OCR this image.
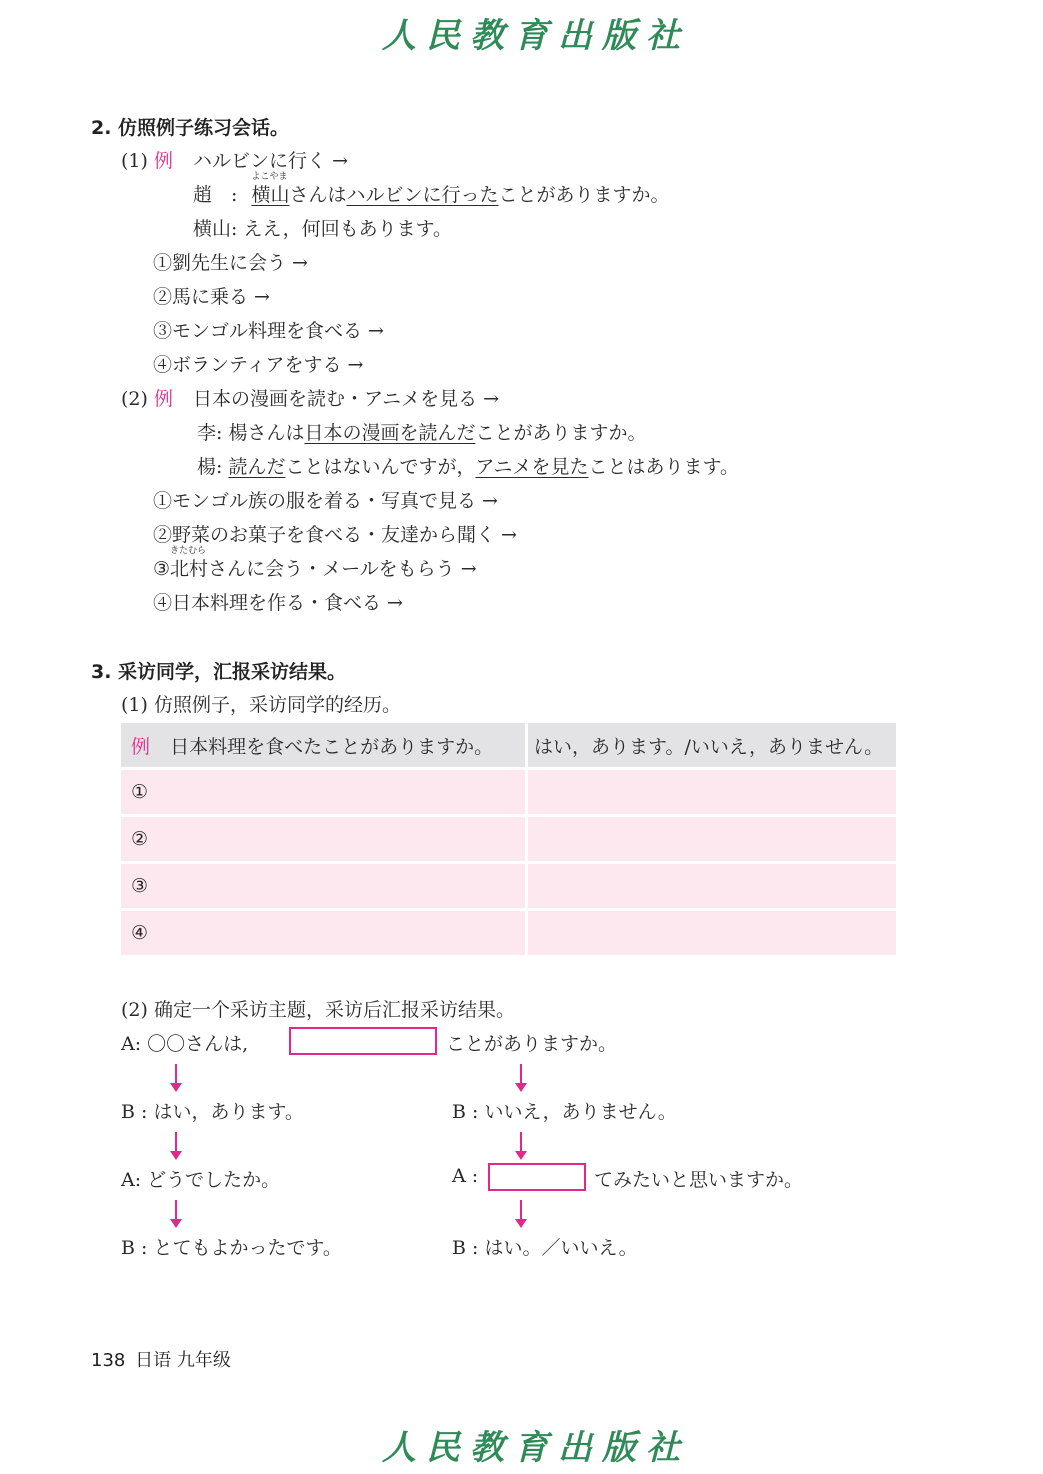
人民教育出版社
2. 仿照例子练习会话。
(1) 例 ハルビンに行く →
趙　:
よこやま
横山さんはハルビンに行ったことがありますか。
横山: ええ，何回もあります。
①劉先生に会う →
②馬に乗る →
③モンゴル料理を食べる →
④ボランティアをする →
(2) 例 日本の漫画を読む・アニメを見る →
李: 楊さんは日本の漫画を読んだことがありますか。
楊: 読んだことはないんですが，アニメを見たことはあります。
①モンゴル族の服を着る・写真で見る →
②野菜のお菓子を食べる・友達から聞く →
③
きたむら
北村さんに会う・メールをもらう →
④日本料理を作る・食べる →
3. 采访同学，汇报采访结果。
(1) 仿照例子，采访同学的经历。
例 日本料理を食べたことがありますか。	はい，あります。/いいえ，ありません。
①	
②	
③	
④	
(2) 确定一个采访主题，采访后汇报采访结果。
A: 〇〇さんは,	ことがありますか。
B : はい，あります。	B : いいえ，ありません。
A: どうでしたか。	A :	てみたいと思いますか。
B : とてもよかったです。	B : はい。／いいえ。
138 日语 九年级
人民教育出版社
